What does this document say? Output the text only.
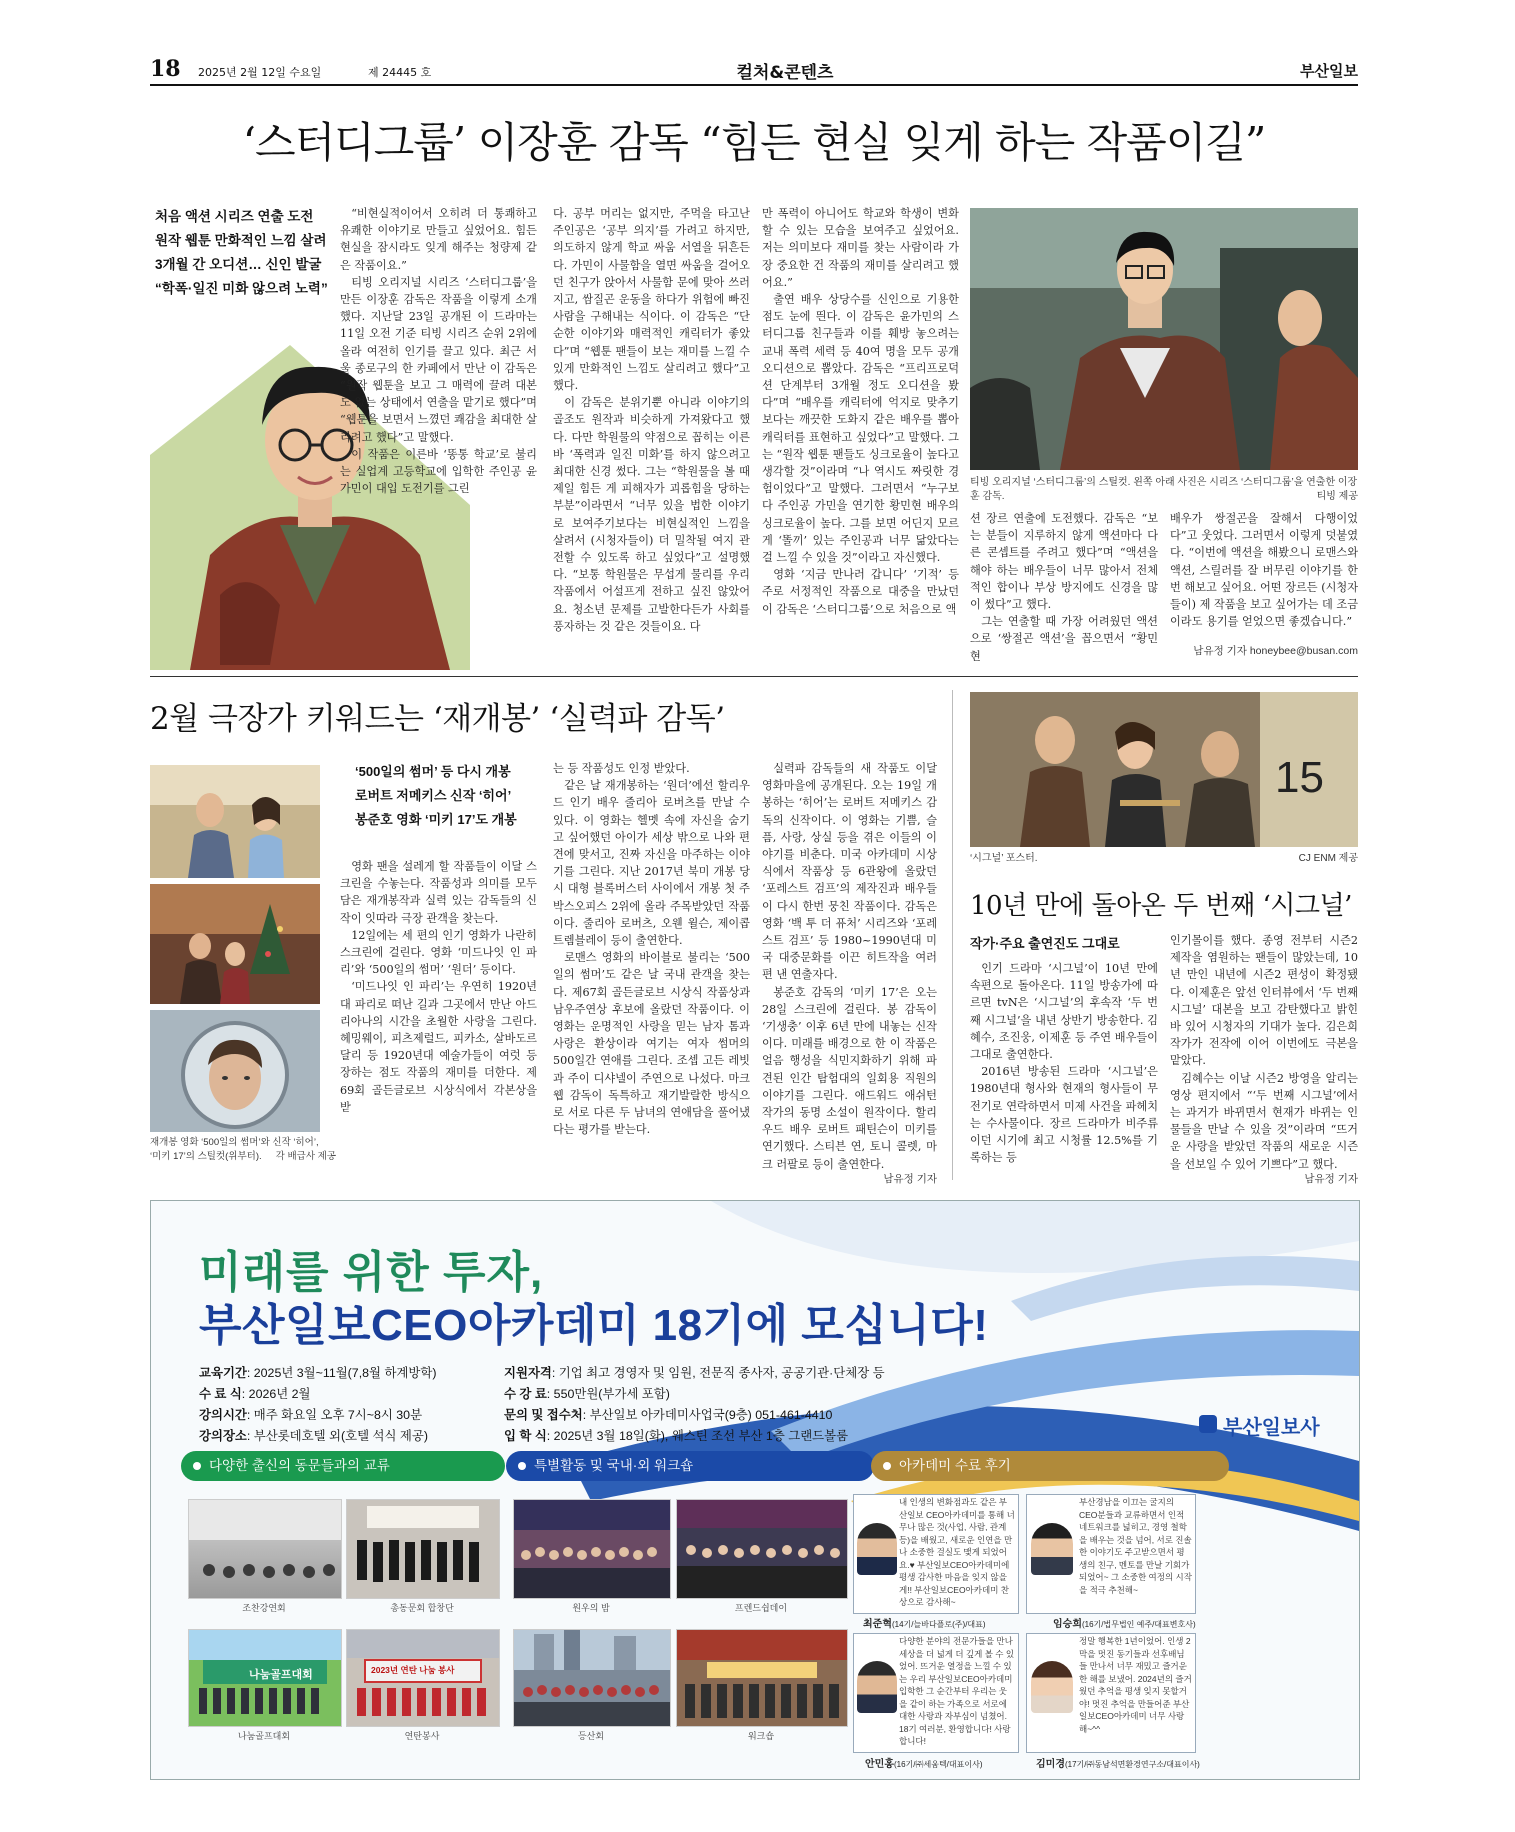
18 2025년 2월 12일 수요일	제 24445 호	컬처&콘텐츠	부산일보
‘스터디그룹’ 이장훈 감독 “힘든 현실 잊게 하는 작품이길”
처음 액션 시리즈 연출 도전
원작 웹툰 만화적인 느낌 살려
3개월 간 오디션… 신인 발굴
“학폭·일진 미화 않으려 노력”

“비현실적이어서 오히려 더 통쾌하고 유쾌한 이야기로 만들고 싶었어요. 힘든 현실을 잠시라도 잊게 해주는 청량제 같은 작품이요.”

티빙 오리지널 시리즈 ‘스터디그룹’을 만든 이장훈 감독은 작품을 이렇게 소개했다. 지난달 23일 공개된 이 드라마는 11일 오전 기준 티빙 시리즈 순위 2위에 올라 여전히 인기를 끌고 있다. 최근 서울 종로구의 한 카페에서 만난 이 감독은 “원작 웹툰을 보고 그 매력에 끌려 대본도 없는 상태에서 연출을 맡기로 했다”며 “웹툰을 보면서 느꼈던 쾌감을 최대한 살리려고 했다”고 말했다.

이 작품은 이른바 ‘똥통 학교’로 불리는 실업계 고등학교에 입학한 주인공 윤가민이 대입 도전기를 그린

다. 공부 머리는 없지만, 주먹을 타고난 주인공은 ‘공부 의지’를 가려고 하지만, 의도하지 않게 학교 싸움 서열을 뒤흔든다. 가민이 사물함을 열면 싸움을 걸어오던 친구가 앉아서 사물함 문에 맞아 쓰러지고, 쌈질곤 운동을 하다가 위험에 빠진 사람을 구해내는 식이다. 이 감독은 “단순한 이야기와 매력적인 캐릭터가 좋았다”며 “웹툰 팬들이 보는 재미를 느낄 수 있게 만화적인 느낌도 살리려고 했다”고 했다.

이 감독은 분위기뿐 아니라 이야기의 골조도 원작과 비슷하게 가져왔다고 했다. 다만 학원물의 약점으로 꼽히는 이른바 ‘폭력과 일진 미화’를 하지 않으려고 최대한 신경 썼다. 그는 “학원물을 볼 때 제일 힘든 게 피해자가 괴롭힘을 당하는 부분”이라면서 “너무 있을 법한 이야기로 보여주기보다는 비현실적인 느낌을 살려서 (시청자들이) 더 밀착될 여지 관전할 수 있도록 하고 싶었다”고 설명했다. “보통 학원물은 무섭게 물리를 우리 작품에서 어설프게 전하고 싶진 않았어요. 청소년 문제를 고발한다든가 사회를 풍자하는 것 같은 것들이요. 다

만 폭력이 아니어도 학교와 학생이 변화할 수 있는 모습을 보여주고 싶었어요. 저는 의미보다 재미를 찾는 사람이라 가장 중요한 건 작품의 재미를 살리려고 했어요.”

출연 배우 상당수를 신인으로 기용한 점도 눈에 띈다. 이 감독은 윤가민의 스터디그룹 친구들과 이를 훼방 놓으려는 교내 폭력 세력 등 40여 명을 모두 공개 오디션으로 뽑았다. 감독은 “프리프로덕션 단계부터 3개월 정도 오디션을 봤다”며 “배우를 캐릭터에 억지로 맞추기보다는 깨끗한 도화지 같은 배우를 뽑아 캐릭터를 표현하고 싶었다”고 말했다. 그는 “원작 웹툰 팬들도 싱크로율이 높다고 생각할 것”이라며 “나 역시도 짜릿한 경험이었다”고 말했다. 그러면서 “누구보다 주인공 가민을 연기한 황민현 배우의 싱크로율이 높다. 그를 보면 어딘지 모르게 ‘똘끼’ 있는 주인공과 너무 닮았다는 걸 느낄 수 있을 것”이라고 자신했다.

영화 ‘지금 만나러 갑니다’ ‘기적’ 등 주로 서정적인 작품으로 대중을 만났던 이 감독은 ‘스터디그룹’으로 처음으로 액

티빙 오리지널 ‘스터디그룹’의 스틸컷. 왼쪽 아래 사진은 시리즈 ‘스터디그룹’을 연출한 이장훈 감독.	티빙 제공

션 장르 연출에 도전했다. 감독은 “보는 분들이 지루하지 않게 액션마다 다른 콘셉트를 주려고 했다”며 “액션을 해야 하는 배우들이 너무 많아서 전체적인 합이나 부상 방지에도 신경을 많이 썼다”고 했다.

그는 연출할 때 가장 어려웠던 액션으로 ‘쌍절곤 액션’을 꼽으면서 “황민현

배우가 쌍절곤을 잘해서 다행이었다”고 웃었다. 그러면서 이렇게 덧붙였다. “이번에 액션을 해봤으니 로맨스와 액션, 스릴러를 잘 버무린 이야기를 한번 해보고 싶어요. 어떤 장르든 (시청자들이) 제 작품을 보고 싶어가는 데 조금이라도 용기를 얻었으면 좋겠습니다.”

남유정 기자 honeybee@busan.com
2월 극장가 키워드는 ‘재개봉’ ‘실력파 감독’
재개봉 영화 ‘500일의 썸머’와 신작 ‘히어’, ‘미키 17’의 스틸컷(위부터).	각 배급사 제공
‘500일의 썸머’ 등 다시 개봉
로버트 저메키스 신작 ‘히어’
봉준호 영화 ‘미키 17’도 개봉

영화 팬을 설레게 할 작품들이 이달 스크린을 수놓는다. 작품성과 의미를 모두 담은 재개봉작과 실력 있는 감독들의 신작이 잇따라 극장 관객을 찾는다.

12일에는 세 편의 인기 영화가 나란히 스크린에 걸린다. 영화 ‘미드나잇 인 파리’와 ‘500일의 썸머’ ‘원더’ 등이다.

‘미드나잇 인 파리’는 우연히 1920년대 파리로 떠난 길과 그곳에서 만난 아드리아나의 시간을 초월한 사랑을 그린다. 헤밍웨이, 피츠제럴드, 피카소, 살바도르 달리 등 1920년대 예술가들이 여럿 등장하는 점도 작품의 재미를 더한다. 제69회 골든글로브 시상식에서 각본상을 받

는 등 작품성도 인정 받았다.

같은 날 재개봉하는 ‘원더’에선 할리우드 인기 배우 줄리아 로버츠를 만날 수 있다. 이 영화는 헬멧 속에 자신을 숨기고 싶어했던 아이가 세상 밖으로 나와 편견에 맞서고, 진짜 자신을 마주하는 이야기를 그린다. 지난 2017년 북미 개봉 당시 대형 블록버스터 사이에서 개봉 첫 주 박스오피스 2위에 올라 주목받았던 작품이다. 줄리아 로버츠, 오웬 윌슨, 제이콥 트렘블레이 등이 출연한다.

로맨스 영화의 바이블로 불리는 ‘500일의 썸머’도 같은 날 국내 관객을 찾는다. 제67회 골든글로브 시상식 작품상과 남우주연상 후보에 올랐던 작품이다. 이 영화는 운명적인 사랑을 믿는 남자 톰과 사랑은 환상이라 여기는 여자 썸머의 500일간 연애를 그린다. 조셉 고든 레빗과 주이 디샤넬이 주연으로 나섰다. 마크 웹 감독이 독특하고 재기발랄한 방식으로 서로 다른 두 남녀의 연애담을 풀어냈다는 평가를 받는다.

실력파 감독들의 새 작품도 이달 영화마을에 공개된다. 오는 19일 개봉하는 ‘히어’는 로버트 저메키스 감독의 신작이다. 이 영화는 기쁨, 슬픔, 사랑, 상실 등을 겪은 이들의 이야기를 비춘다. 미국 아카데미 시상식에서 작품상 등 6관왕에 올랐던 ‘포레스트 검프’의 제작진과 배우들이 다시 한번 뭉친 작품이다. 감독은 영화 ‘백 투 더 퓨처’ 시리즈와 ‘포레스트 검프’ 등 1980~1990년대 미국 대중문화를 이끈 히트작을 여러 편 낸 연출자다.

봉준호 감독의 ‘미키 17’은 오는 28일 스크린에 걸린다. 봉 감독이 ‘기생충’ 이후 6년 만에 내놓는 신작이다. 미래를 배경으로 한 이 작품은 얼음 행성을 식민지화하기 위해 파견된 인간 탐험대의 일회용 직원의 이야기를 그린다. 애드워드 애쉬턴 작가의 동명 소설이 원작이다. 할리우드 배우 로버트 패틴슨이 미키를 연기했다. 스티븐 연, 토니 콜렛, 마크 러팔로 등이 출연한다.

남유정 기자
15
‘시그널’ 포스터.	CJ ENM 제공
10년 만에 돌아온 두 번째 ‘시그널’
작가·주요 출연진도 그대로

인기 드라마 ‘시그널’이 10년 만에 속편으로 돌아온다. 11일 방송가에 따르면 tvN은 ‘시그널’의 후속작 ‘두 번째 시그널’을 내년 상반기 방송한다. 김혜수, 조진웅, 이제훈 등 주연 배우들이 그대로 출연한다.

2016년 방송된 드라마 ‘시그널’은 1980년대 형사와 현재의 형사들이 무전기로 연락하면서 미제 사건을 파헤치는 수사물이다. 장르 드라마가 비주류이던 시기에 최고 시청률 12.5%를 기록하는 등

인기몰이를 했다. 종영 전부터 시즌2 제작을 염원하는 팬들이 많았는데, 10년 만인 내년에 시즌2 편성이 확정됐다. 이제훈은 앞선 인터뷰에서 ‘두 번째 시그널’ 대본을 보고 감탄했다고 밝힌 바 있어 시청자의 기대가 높다. 김은희 작가가 전작에 이어 이번에도 극본을 맡았다.

김혜수는 이날 시즌2 방영을 알리는 영상 편지에서 “‘두 번째 시그널’에서는 과거가 바뀌면서 현재가 바뀌는 인물들을 만날 수 있을 것”이라며 “뜨거운 사랑을 받았던 작품의 새로운 시즌을 선보일 수 있어 기쁘다”고 했다.

남유정 기자
미래를 위한 투자,
부산일보CEO아카데미 18기에 모십니다!
교육기간: 2025년 3월~11월(7,8월 하계방학)
수 료 식: 2026년 2월
강의시간: 매주 화요일 오후 7시~8시 30분
강의장소: 부산롯데호텔 외(호텔 석식 제공)
지원자격: 기업 최고 경영자 및 임원, 전문직 종사자, 공공기관·단체장 등
수 강 료: 550만원(부가세 포함)
문의 및 접수처: 부산일보 아카데미사업국(9층) 051-461-4410
입 학 식: 2025년 3월 18일(화), 웨스틴 조선 부산 1층 그랜드볼룸	부산일보사
다양한 출신의 동문들과의 교류	특별활동 및 국내·외 워크숍	아카데미 수료 후기
조찬강연회	총동문회 합창단	원우의 밤	프렌드쉽데이
나눔골프대회
나눔골프대회
2023년 연탄 나눔 봉사
연탄봉사	등산회	워크숍
내 인생의 변화점과도 같은 부산일보 CEO아카데미를 통해 너무나 많은 것(사업, 사람, 관계 등)을 배웠고, 새로운 인연을 만나 소중한 걸실도 맺게 되었어요.♥ 부산일보CEO아카데미에 평생 감사한 마음을 잊지 않을게!! 부산일보CEO아카데미 찬상으로 감사해~
최준혁(14기/늘바다플로(주)/대표)
부산경남을 이끄는 굴지의 CEO분들과 교류하면서 인적 네트워크를 넓히고, 경영 철학을 배우는 것을 넘어, 서로 진솔한 이야기도 주고받으면서 평생의 친구, 멘토를 만날 기회가 되었어~ 그 소중한 여정의 시작을 적극 추천해~
임승희(16기/법무법인 예주/대표변호사)
다양한 분야의 전문가들을 만나 세상을 더 넓게 더 깊게 볼 수 있었어. 뜨거운 열정을 느낄 수 있는 우리 부산일보CEO아카데미 입학한 그 순간부터 우리는 웃을 같이 하는 가족으로 서로에 대한 사랑과 자부심이 넘쳤어. 18기 여러분, 환영합니다! 사랑합니다!
안민홍(16기/㈜세움텍/대표이사)
정말 행복한 1년이었어. 인생 2막을 멋진 동기들과 선후배님들 만나서 너무 재밌고 즐거운 한 해를 보냈어. 2024년의 즐거웠던 추억을 평생 잊지 못할거야! 멋진 추억을 만들어준 부산일보CEO아카데미 너무 사랑해~^^
김미경(17기/㈜동남석면환경연구소/대표이사)
